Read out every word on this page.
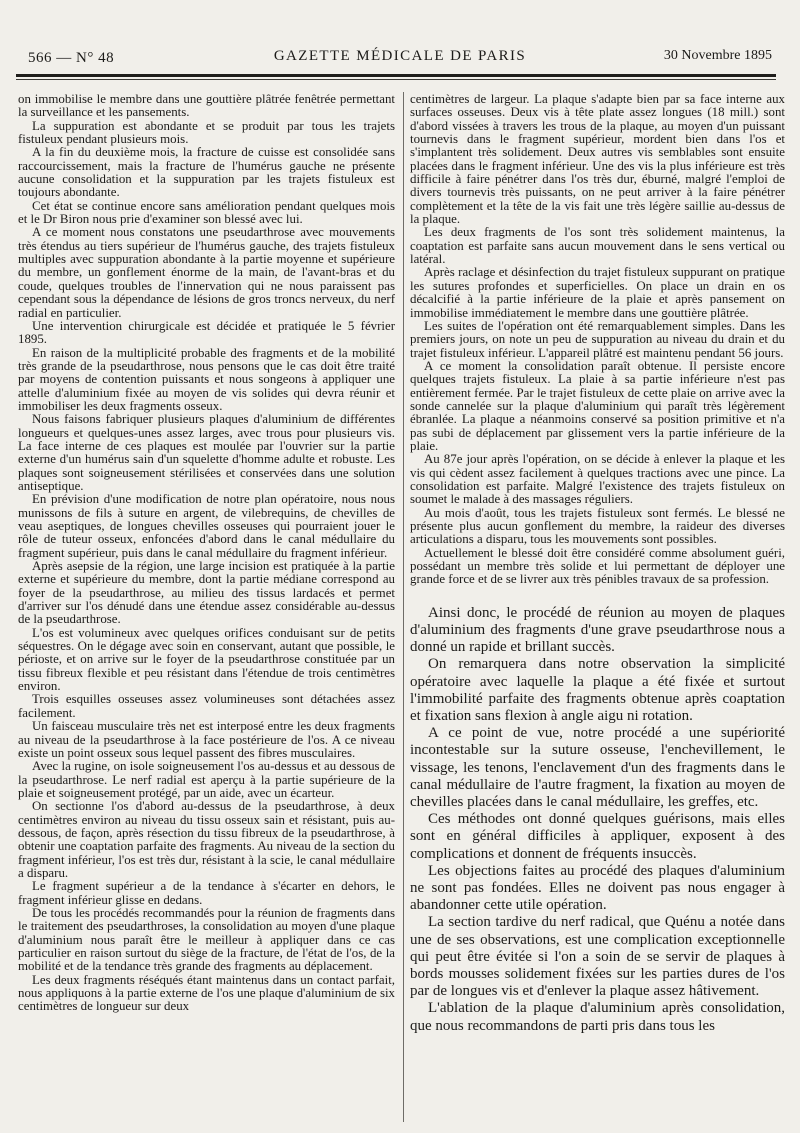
566 — N° 48	GAZETTE MÉDICALE DE PARIS	30 Novembre 1895

on immobilise le membre dans une gouttière plâtrée fenêtrée permettant la surveillance et les pansements.

La suppuration est abondante et se produit par tous les trajets fistuleux pendant plusieurs mois.

A la fin du deuxième mois, la fracture de cuisse est consolidée sans raccourcissement, mais la fracture de l'humérus gauche ne présente aucune consolidation et la suppuration par les trajets fistuleux est toujours abondante.

Cet état se continue encore sans amélioration pendant quelques mois et le Dr Biron nous prie d'examiner son blessé avec lui.

A ce moment nous constatons une pseudarthrose avec mouvements très étendus au tiers supérieur de l'humérus gauche, des trajets fistuleux multiples avec suppuration abondante à la partie moyenne et supérieure du membre, un gonflement énorme de la main, de l'avant-bras et du coude, quelques troubles de l'innervation qui ne nous paraissent pas cependant sous la dépendance de lésions de gros troncs nerveux, du nerf radial en particulier.

Une intervention chirurgicale est décidée et pratiquée le 5 février 1895.

En raison de la multiplicité probable des fragments et de la mobilité très grande de la pseudarthrose, nous pensons que le cas doit être traité par moyens de contention puissants et nous songeons à appliquer une attelle d'aluminium fixée au moyen de vis solides qui devra réunir et immobiliser les deux fragments osseux.

Nous faisons fabriquer plusieurs plaques d'aluminium de différentes longueurs et quelques-unes assez larges, avec trous pour plusieurs vis. La face interne de ces plaques est moulée par l'ouvrier sur la partie externe d'un humérus sain d'un squelette d'homme adulte et robuste. Les plaques sont soigneusement stérilisées et conservées dans une solution antiseptique.

En prévision d'une modification de notre plan opératoire, nous nous munissons de fils à suture en argent, de vilebrequins, de chevilles de veau aseptiques, de longues chevilles osseuses qui pourraient jouer le rôle de tuteur osseux, enfoncées d'abord dans le canal médullaire du fragment supérieur, puis dans le canal médullaire du fragment inférieur.

Après asepsie de la région, une large incision est pratiquée à la partie externe et supérieure du membre, dont la partie médiane correspond au foyer de la pseudarthrose, au milieu des tissus lardacés et permet d'arriver sur l'os dénudé dans une étendue assez considérable au-dessus de la pseudarthrose.

L'os est volumineux avec quelques orifices conduisant sur de petits séquestres. On le dégage avec soin en conservant, autant que possible, le périoste, et on arrive sur le foyer de la pseudarthrose constituée par un tissu fibreux flexible et peu résistant dans l'étendue de trois centimètres environ.

Trois esquilles osseuses assez volumineuses sont détachées assez facilement.

Un faisceau musculaire très net est interposé entre les deux fragments au niveau de la pseudarthrose à la face postérieure de l'os. A ce niveau existe un point osseux sous lequel passent des fibres musculaires.

Avec la rugine, on isole soigneusement l'os au-dessus et au dessous de la pseudarthrose. Le nerf radial est aperçu à la partie supérieure de la plaie et soigneusement protégé, par un aide, avec un écarteur.

On sectionne l'os d'abord au-dessus de la pseudarthrose, à deux centimètres environ au niveau du tissu osseux sain et résistant, puis au-dessous, de façon, après résection du tissu fibreux de la pseudarthrose, à obtenir une coaptation parfaite des fragments. Au niveau de la section du fragment inférieur, l'os est très dur, résistant à la scie, le canal médullaire a disparu.

Le fragment supérieur a de la tendance à s'écarter en dehors, le fragment inférieur glisse en dedans.

De tous les procédés recommandés pour la réunion de fragments dans le traitement des pseudarthroses, la consolidation au moyen d'une plaque d'aluminium nous paraît être le meilleur à appliquer dans ce cas particulier en raison surtout du siège de la fracture, de l'état de l'os, de la mobilité et de la tendance très grande des fragments au déplacement.

Les deux fragments réséqués étant maintenus dans un contact parfait, nous appliquons à la partie externe de l'os une plaque d'aluminium de six centimètres de longueur sur deux

centimètres de largeur. La plaque s'adapte bien par sa face interne aux surfaces osseuses. Deux vis à tête plate assez longues (18 mill.) sont d'abord vissées à travers les trous de la plaque, au moyen d'un puissant tournevis dans le fragment supérieur, mordent bien dans l'os et s'implantent très solidement. Deux autres vis semblables sont ensuite placées dans le fragment inférieur. Une des vis la plus inférieure est très difficile à faire pénétrer dans l'os très dur, éburné, malgré l'emploi de divers tournevis très puissants, on ne peut arriver à la faire pénétrer complètement et la tête de la vis fait une très légère saillie au-dessus de la plaque.

Les deux fragments de l'os sont très solidement maintenus, la coaptation est parfaite sans aucun mouvement dans le sens vertical ou latéral.

Après raclage et désinfection du trajet fistuleux suppurant on pratique les sutures profondes et superficielles. On place un drain en os décalcifié à la partie inférieure de la plaie et après pansement on immobilise immédiatement le membre dans une gouttière plâtrée.

Les suites de l'opération ont été remarquablement simples. Dans les premiers jours, on note un peu de suppuration au niveau du drain et du trajet fistuleux inférieur. L'appareil plâtré est maintenu pendant 56 jours.

A ce moment la consolidation paraît obtenue. Il persiste encore quelques trajets fistuleux. La plaie à sa partie inférieure n'est pas entièrement fermée. Par le trajet fistuleux de cette plaie on arrive avec la sonde cannelée sur la plaque d'aluminium qui paraît très légèrement ébranlée. La plaque a néanmoins conservé sa position primitive et n'a pas subi de déplacement par glissement vers la partie inférieure de la plaie.

Au 87e jour après l'opération, on se décide à enlever la plaque et les vis qui cèdent assez facilement à quelques tractions avec une pince. La consolidation est parfaite. Malgré l'existence des trajets fistuleux on soumet le malade à des massages réguliers.

Au mois d'août, tous les trajets fistuleux sont fermés. Le blessé ne présente plus aucun gonflement du membre, la raideur des diverses articulations a disparu, tous les mouvements sont possibles.

Actuellement le blessé doit être considéré comme absolument guéri, possédant un membre très solide et lui permettant de déployer une grande force et de se livrer aux très pénibles travaux de sa profession.

Ainsi donc, le procédé de réunion au moyen de plaques d'aluminium des fragments d'une grave pseudarthrose nous a donné un rapide et brillant succès.

On remarquera dans notre observation la simplicité opératoire avec laquelle la plaque a été fixée et surtout l'immobilité parfaite des fragments obtenue après coaptation et fixation sans flexion à angle aigu ni rotation.

A ce point de vue, notre procédé a une supériorité incontestable sur la suture osseuse, l'enchevillement, le vissage, les tenons, l'enclavement d'un des fragments dans le canal médullaire de l'autre fragment, la fixation au moyen de chevilles placées dans le canal médullaire, les greffes, etc.

Ces méthodes ont donné quelques guérisons, mais elles sont en général difficiles à appliquer, exposent à des complications et donnent de fréquents insuccès.

Les objections faites au procédé des plaques d'aluminium ne sont pas fondées. Elles ne doivent pas nous engager à abandonner cette utile opération.

La section tardive du nerf radical, que Quénu a notée dans une de ses observations, est une complication exceptionnelle qui peut être évitée si l'on a soin de se servir de plaques à bords mousses solidement fixées sur les parties dures de l'os par de longues vis et d'enlever la plaque assez hâtivement.

L'ablation de la plaque d'aluminium après consolidation, que nous recommandons de parti pris dans tous les
